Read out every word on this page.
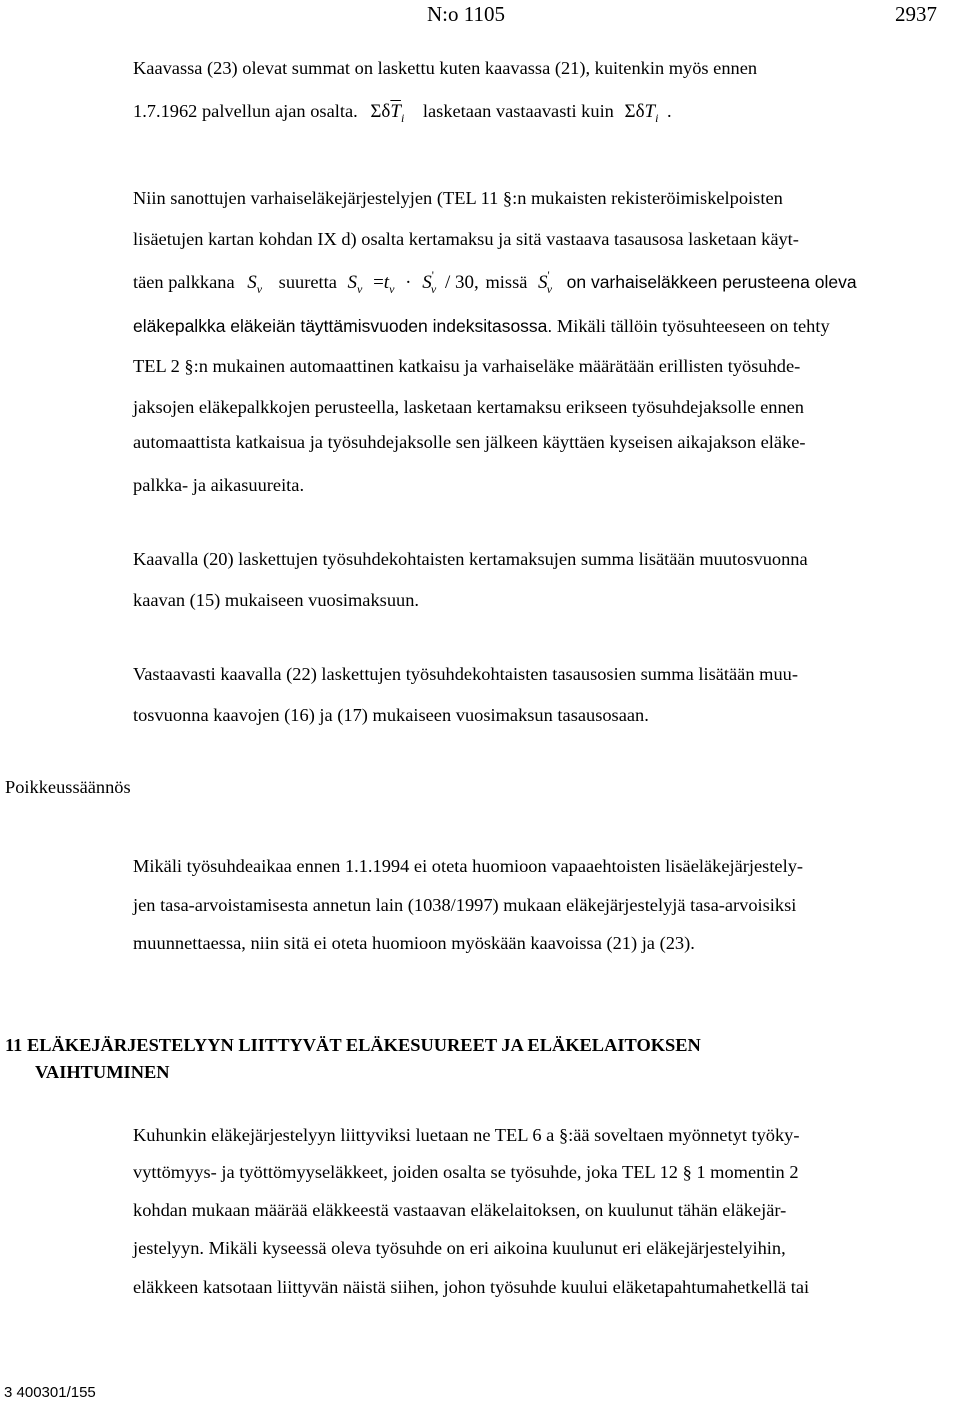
N:o 1105	2937
Kaavassa (23) olevat summat on laskettu kuten kaavassa (21), kuitenkin myös ennen
1.7.1962 palvellun ajan osalta. $\Sigma\delta\overline{T}_i$ lasketaan vastaavasti kuin ΣδT$_i$ .
Niin sanottujen varhaiseläkejärjestelyjen (TEL 11 §:n mukaisten rekisteröimiskelpoisten
lisäetujen kartan kohdan IX d) osalta kertamaksu ja sitä vastaava tasausosa lasketaan käyt-
täen palkkana $S_v$ suuretta $S_v =t_v \cdot S'_v / 30$, missä $S'_v$ on varhaiseläkkeen perusteena oleva
eläkepalkka eläkeiän täyttämisvuoden indeksitasossa. Mikäli tällöin työsuhteeseen on tehty
TEL 2 §:n mukainen automaattinen katkaisu ja varhaiseläke määrätään erillisten työsuhde-
jaksojen eläkepalkkojen perusteella, lasketaan kertamaksu erikseen työsuhdejaksolle ennen
automaattista katkaisua ja työsuhdejaksolle sen jälkeen käyttäen kyseisen aikajakson eläke-
palkka- ja aikasuureita.
Kaavalla (20) laskettujen työsuhdekohtaisten kertamaksujen summa lisätään muutosvuonna
kaavan (15) mukaiseen vuosimaksuun.
Vastaavasti kaavalla (22) laskettujen työsuhdekohtaisten tasausosien summa lisätään muu-
tosvuonna kaavojen (16) ja (17) mukaiseen vuosimaksun tasausosaan.
Poikkeussäännös
Mikäli työsuhdeaikaa ennen 1.1.1994 ei oteta huomioon vapaaehtoisten lisäeläkejärjestely-
jen tasa-arvoistamisesta annetun lain (1038/1997) mukaan eläkejärjestelyjä tasa-arvoisiksi
muunnettaessa, niin sitä ei oteta huomioon myöskään kaavoissa (21) ja (23).
11 ELÄKEJÄRJESTELYYN LIITTYVÄT ELÄKESUUREET JA ELÄKELAITOKSEN
VAIHTUMINEN
Kuhunkin eläkejärjestelyyn liittyviksi luetaan ne TEL 6 a §:ää soveltaen myönnetyt työky-
vyttömyys- ja työttömyyseläkkeet, joiden osalta se työsuhde, joka TEL 12 § 1 momentin 2
kohdan mukaan määrää eläkkeestä vastaavan eläkelaitoksen, on kuulunut tähän eläkejär-
jestelyyn. Mikäli kyseessä oleva työsuhde on eri aikoina kuulunut eri eläkejärjestelyihin,
eläkkeen katsotaan liittyvän näistä siihen, johon työsuhde kuului eläketapahtumahetkellä tai
3 400301/155
